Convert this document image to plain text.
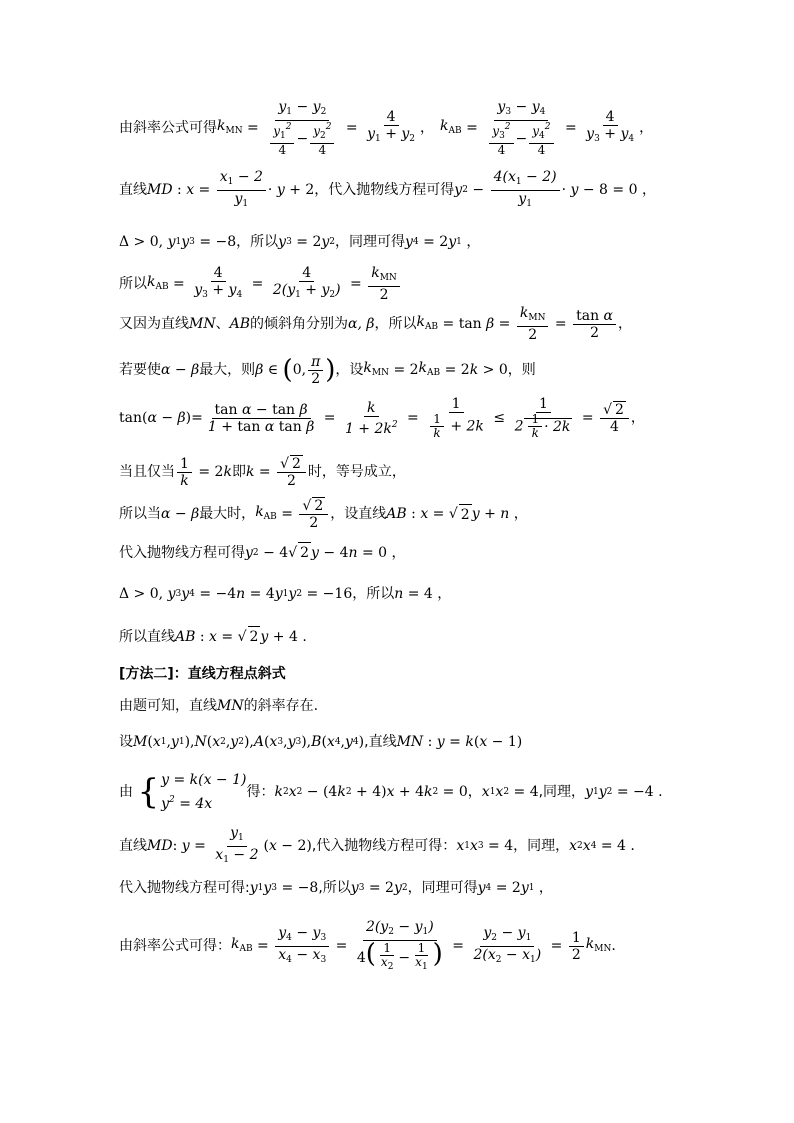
由斜率公式可得 $k_{MN} = \frac{y_1 - y_2}{\frac{y_1^2}{4} - \frac{y_2^2}{4}} = \frac{4}{y_1 + y_2}$ ， $k_{AB} = \frac{y_3 - y_4}{\frac{y_3^2}{4} - \frac{y_4^2}{4}} = \frac{4}{y_3 + y_4}$ ，
直线 MD : $x = \frac{x_1 - 2}{y_1} \cdot y + 2$ ，代入抛物线方程可得 y $2 - \frac{4(x_1 - 2)}{y_1} \cdot y - 8 = 0$ ，
Δ > 0, y 1 y 3 = −8 ，所以 y 3 = 2 y 2 ，同理可得 y 4 = 2 y 1 ，
所以 $k_{AB} = \frac{4}{y_3 + y_4} = \frac{4}{2(y_1 + y_2)} = \frac{k_{MN}}{2}$
又因为直线 MN 、 AB 的倾斜角分别为 α, β ，所以 $k_{AB} = \tan \beta = \frac{k_{MN}}{2} = \frac{\text{tan α}}{2}$ ，
若要使 α − β 最大，则 β ∈ ( 0, $\frac{\pi}{2}$ ) ，设 $k_{MN} = 2$ $k_{AB} = 2$ k > 0 ，则
tan( α − β )= $\frac{\text{tan α − tan β}}{\text{1 + tan α tan β}} = \frac{k}{1 + 2k^2} = \frac{1}{\frac{1}{k} + 2k} \le \frac{1}{2 \frac{1}{k} \cdot 2k} = \frac{√ 2}{4}$ ，
当且仅当 $\frac{1}{k} = 2$ k 即 $k = \frac{√ 2}{2}$ 时，等号成立，
所以当 α − β 最大时， $k_{AB} = \frac{√ 2}{2}$ ，设直线 AB : x = √ 2 y + n ，
代入抛物线方程可得 y 2 − 4√ 2 y − 4 n = 0 ，
Δ > 0, y 3 y 4 = −4 n = 4 y 1 y 2 = −16 ，所以 n = 4 ，
所以直线 AB : x = √ 2 y + 4 .
[方法二]：直线方程点斜式
由题可知，直线 MN 的斜率存在.
设 M ( x 1 , y 1 ), N ( x 2 , y 2 ), A ( x 3 , y 3 ), B ( x 4 , y 4 ) ,直线 MN : y = k ( x − 1)
由
{ y = k(x − 1)
$y^2 = 4x$
得： k 2 x 2 − (4 k 2 + 4) x + 4 k 2 = 0 ， x 1 x 2 = 4 ,同理， y 1 y 2 = −4 .
直线 MD : $y = \frac{y_1}{x_1 - 2}$ ( x − 2) ,代入抛物线方程可得： x 1 x 3 = 4 ，同理， x 2 x 4 = 4 .
代入抛物线方程可得: y 1 y 3 = −8 ,所以 y 3 = 2 y 2 ，同理可得 y 4 = 2 y 1 ，
由斜率公式可得： $k_{AB} = \frac{y_4 - y_3}{x_4 - x_3} = \frac{2(y_2 - y_1)}{4( \frac{1}{x_2} - \frac{1}{x_1} )} = \frac{y_2 - y_1}{2(x_2 - x_1)} = \frac{1}{2} k_{MN}$ .
